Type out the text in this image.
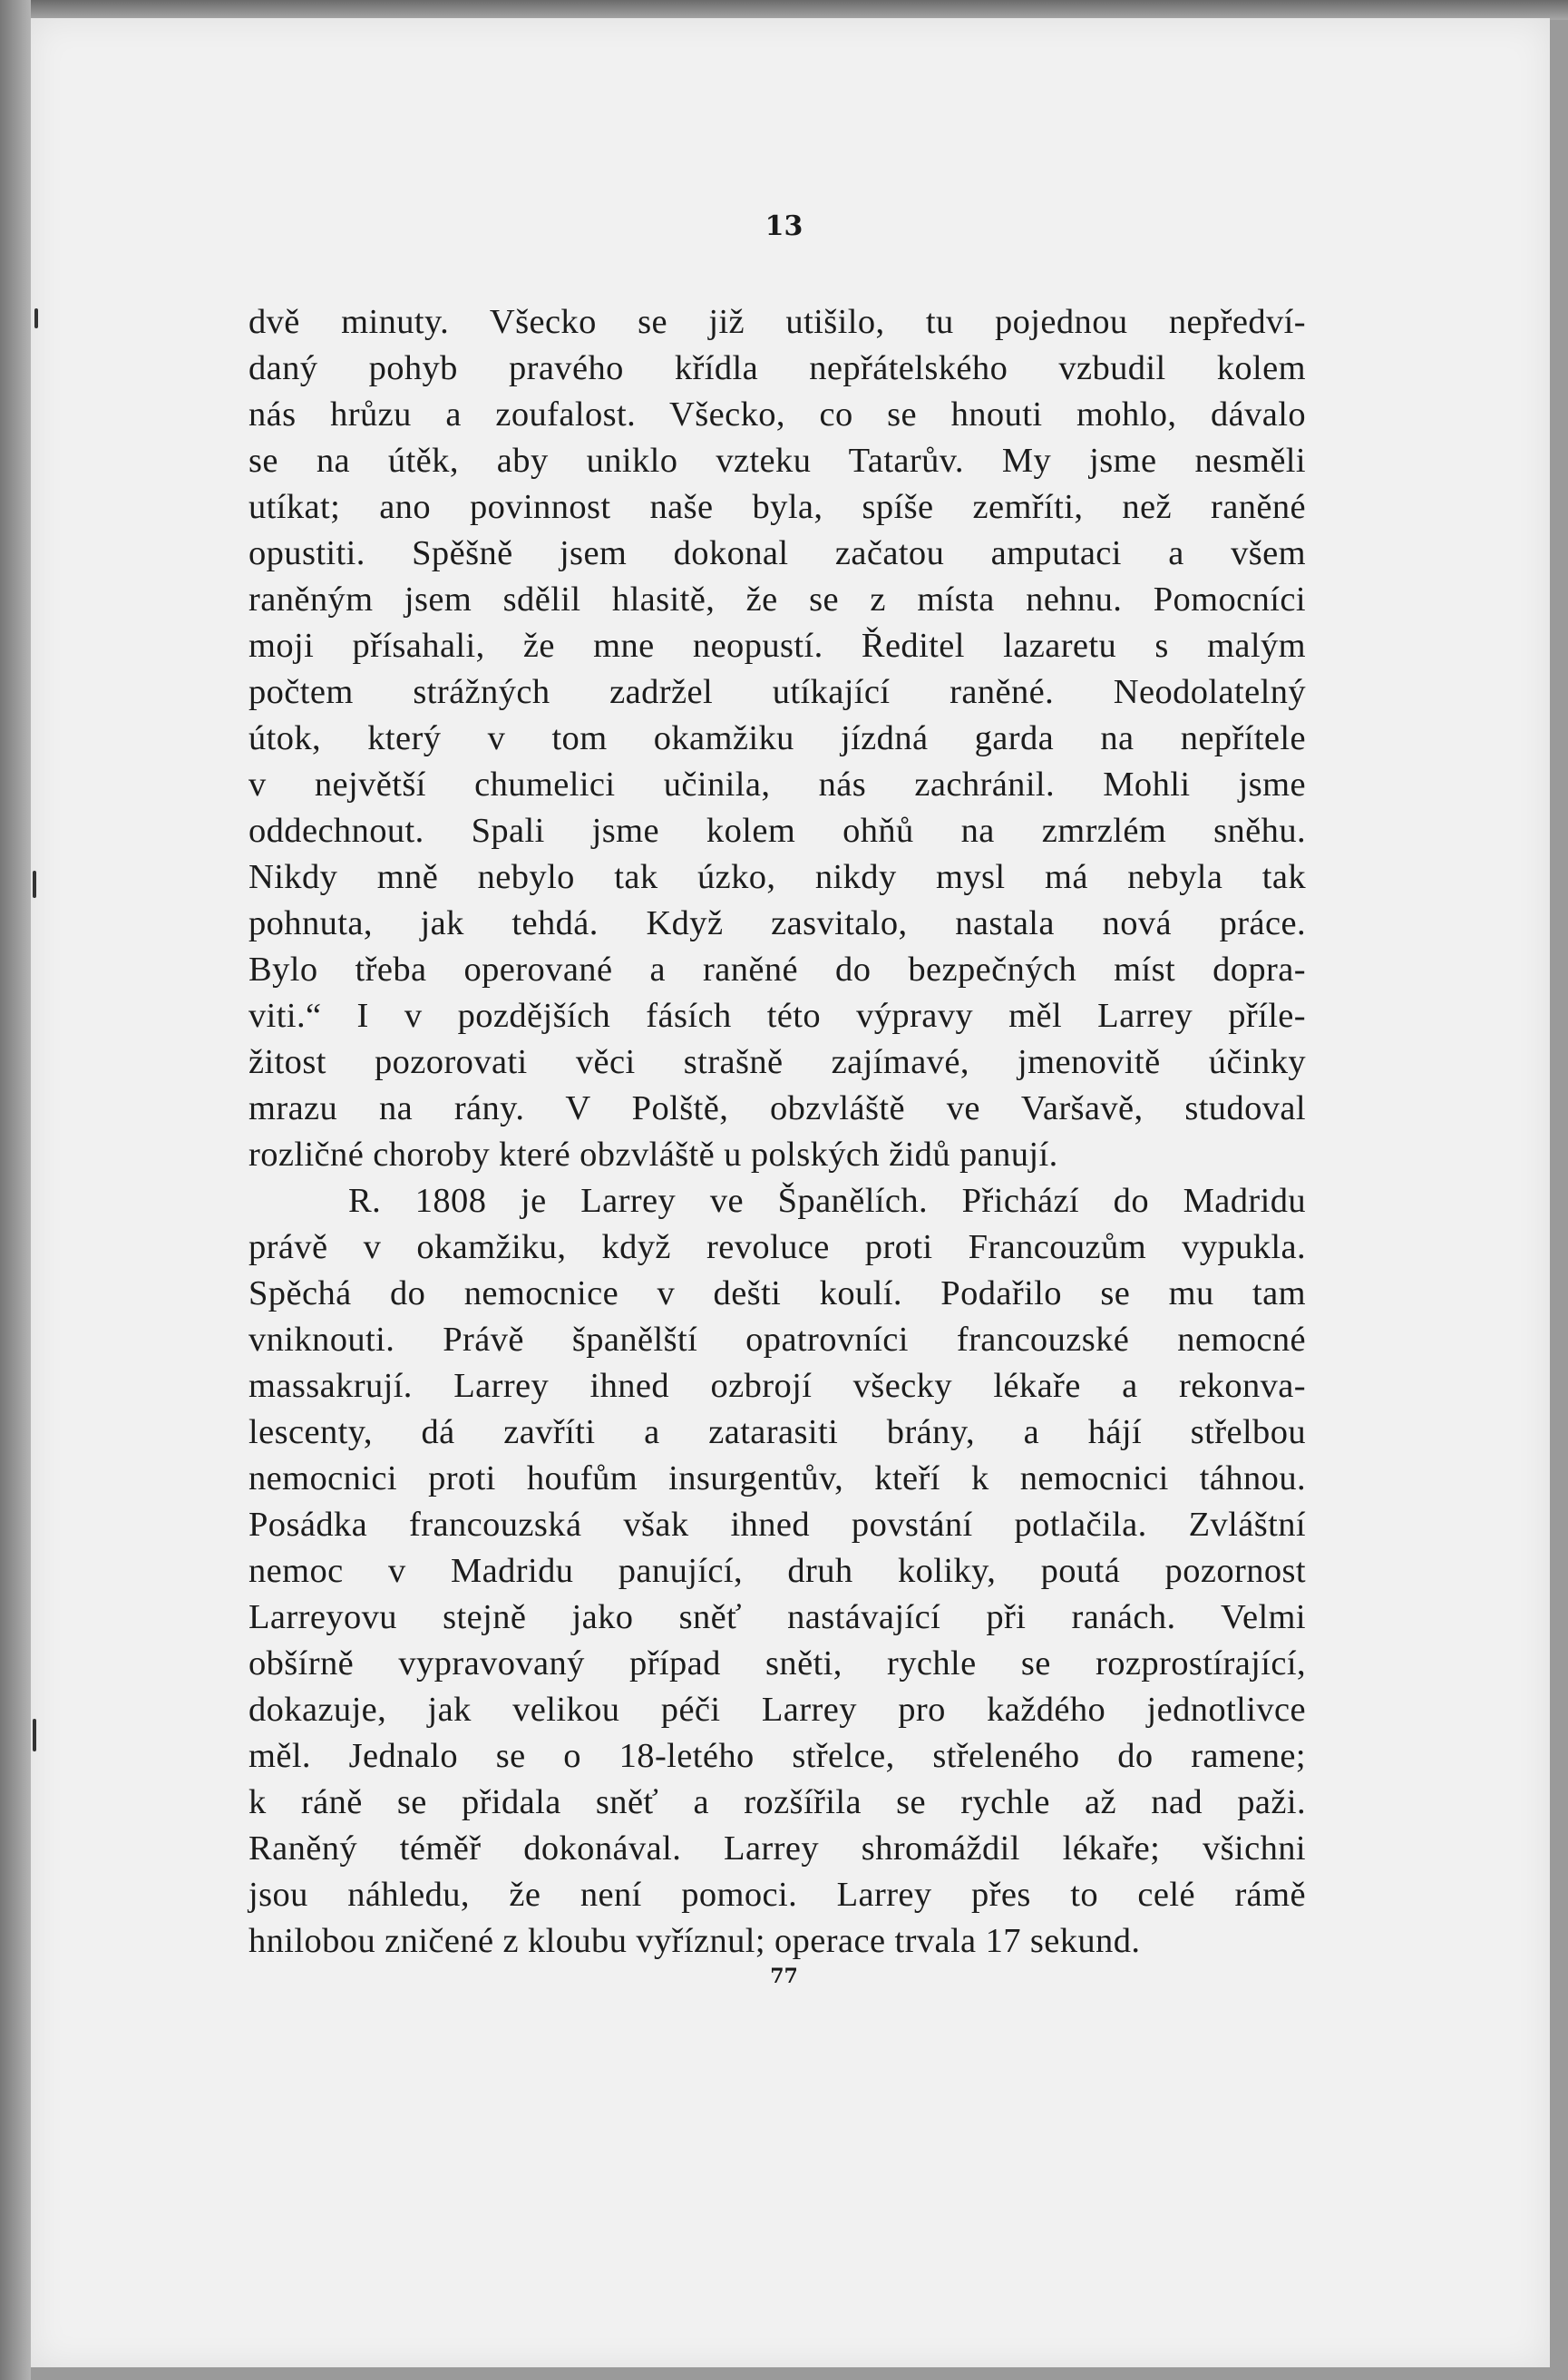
13
dvě minuty. Všecko se již utišilo, tu pojednou nepředví-
daný pohyb pravého křídla nepřátelského vzbudil kolem
nás hrůzu a zoufalost. Všecko, co se hnouti mohlo, dávalo
se na útěk, aby uniklo vzteku Tatarův. My jsme nesměli
utíkat; ano povinnost naše byla, spíše zemříti, než raněné
opustiti. Spěšně jsem dokonal začatou amputaci a všem
raněným jsem sdělil hlasitě, že se z místa nehnu. Pomocníci
moji přísahali, že mne neopustí. Ředitel lazaretu s malým
počtem strážných zadržel utíkající raněné. Neodolatelný
útok, který v tom okamžiku jízdná garda na nepřítele
v největší chumelici učinila, nás zachránil. Mohli jsme
oddechnout. Spali jsme kolem ohňů na zmrzlém sněhu.
Nikdy mně nebylo tak úzko, nikdy mysl má nebyla tak
pohnuta, jak tehdá. Když zasvitalo, nastala nová práce.
Bylo třeba operované a raněné do bezpečných míst dopra-
viti.“ I v pozdějších fásích této výpravy měl Larrey příle-
žitost pozorovati věci strašně zajímavé, jmenovitě účinky
mrazu na rány. V Polště, obzvláště ve Varšavě, studoval
rozličné choroby které obzvláště u polských židů panují.
R. 1808 je Larrey ve Španělích. Přichází do Madridu
právě v okamžiku, když revoluce proti Francouzům vypukla.
Spěchá do nemocnice v dešti koulí. Podařilo se mu tam
vniknouti. Právě španělští opatrovníci francouzské nemocné
massakrují. Larrey ihned ozbrojí všecky lékaře a rekonva-
lescenty, dá zavříti a zatarasiti brány, a hájí střelbou
nemocnici proti houfům insurgentův, kteří k nemocnici táhnou.
Posádka francouzská však ihned povstání potlačila. Zvláštní
nemoc v Madridu panující, druh koliky, poutá pozornost
Larreyovu stejně jako sněť nastávající při ranách. Velmi
obšírně vypravovaný případ sněti, rychle se rozprostírající,
dokazuje, jak velikou péči Larrey pro každého jednotlivce
měl. Jednalo se o 18-letého střelce, střeleného do ramene;
k ráně se přidala sněť a rozšířila se rychle až nad paži.
Raněný téměř dokonával. Larrey shromáždil lékaře; všichni
jsou náhledu, že není pomoci. Larrey přes to celé rámě
hnilobou zničené z kloubu vyříznul; operace trvala 17 sekund.
77
